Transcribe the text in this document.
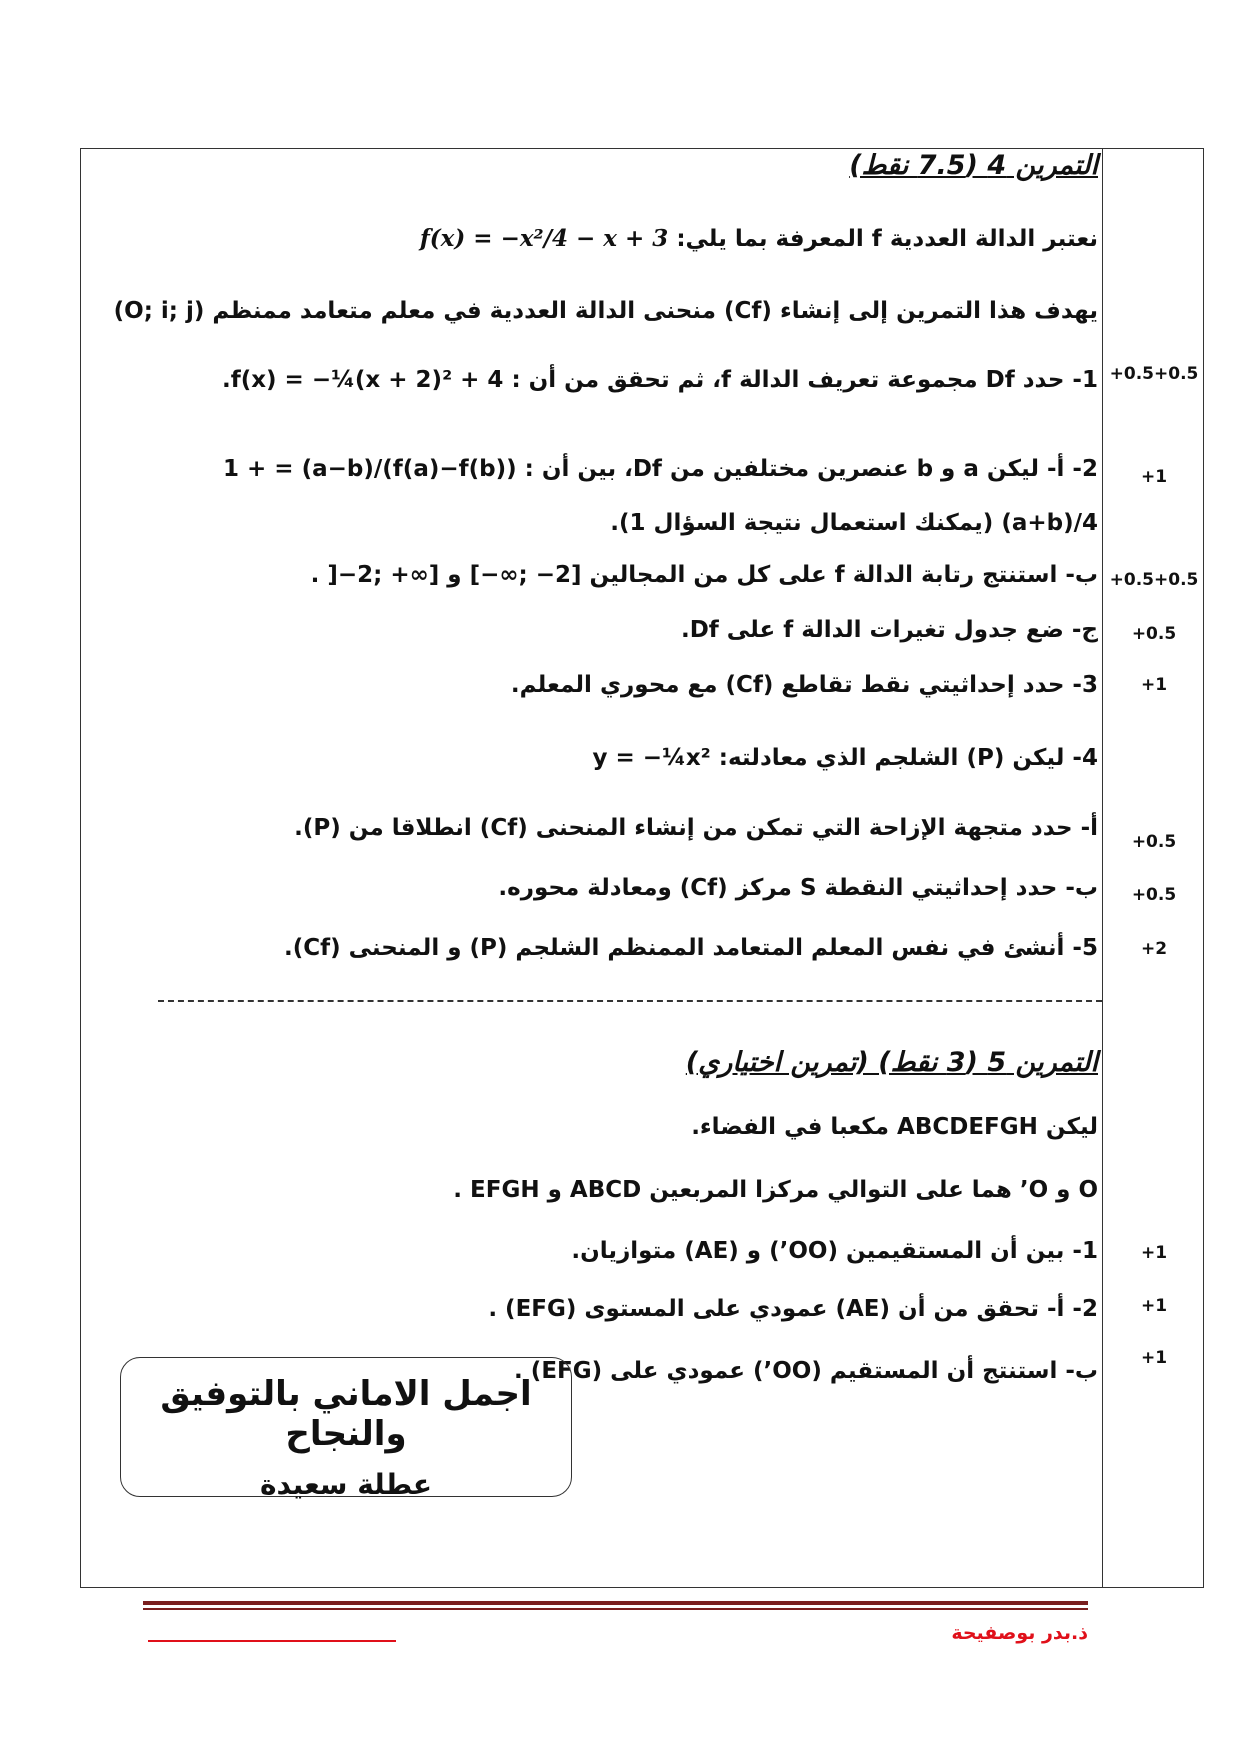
التمرين 4 (7.5 نقط)
نعتبر الدالة العددية f المعرفة بما يلي: f(x) = −x²/4 − x + 3
يهدف هذا التمرين إلى إنشاء (Cf) منحنى الدالة العددية في معلم متعامد ممنظم (O; i; j)
1- حدد Df مجموعة تعريف الدالة f، ثم تحقق من أن : f(x) = −¼(x + 2)² + 4.
2- أ- ليكن a و b عنصرين مختلفين من Df، بين أن : (f(a)−f(b))/(a−b) = 1 + (a+b)/4 (يمكنك استعمال نتيجة السؤال 1).
ب- استنتج رتابة الدالة f على كل من المجالين [2− ;∞−] و [∞+ ;2−[ .
ج- ضع جدول تغيرات الدالة f على Df.
3- حدد إحداثيتي نقط تقاطع (Cf) مع محوري المعلم.
4- ليكن (P) الشلجم الذي معادلته: y = −¼x²
أ- حدد متجهة الإزاحة التي تمكن من إنشاء المنحنى (Cf) انطلاقا من (P).
ب- حدد إحداثيتي النقطة S مركز (Cf) ومعادلة محوره.
5- أنشئ في نفس المعلم المتعامد الممنظم الشلجم (P) و المنحنى (Cf).
+0.5+0.5
+1
+0.5+0.5
+0.5
+1
+0.5
+0.5
+2
التمرين 5 (3 نقط) (تمرين اختياري)
ليكن ABCDEFGH مكعبا في الفضاء.
O و O’ هما على التوالي مركزا المربعين ABCD و EFGH .
1- بين أن المستقيمين (OO’) و (AE) متوازيان.
2- أ- تحقق من أن (AE) عمودي على المستوى (EFG) .
ب- استنتج أن المستقيم (OO’) عمودي على (EFG) .
+1
+1
+1
اجمل الاماني بالتوفيق والنجاح
عطلة سعيدة
ذ.بدر بوصفيحة
